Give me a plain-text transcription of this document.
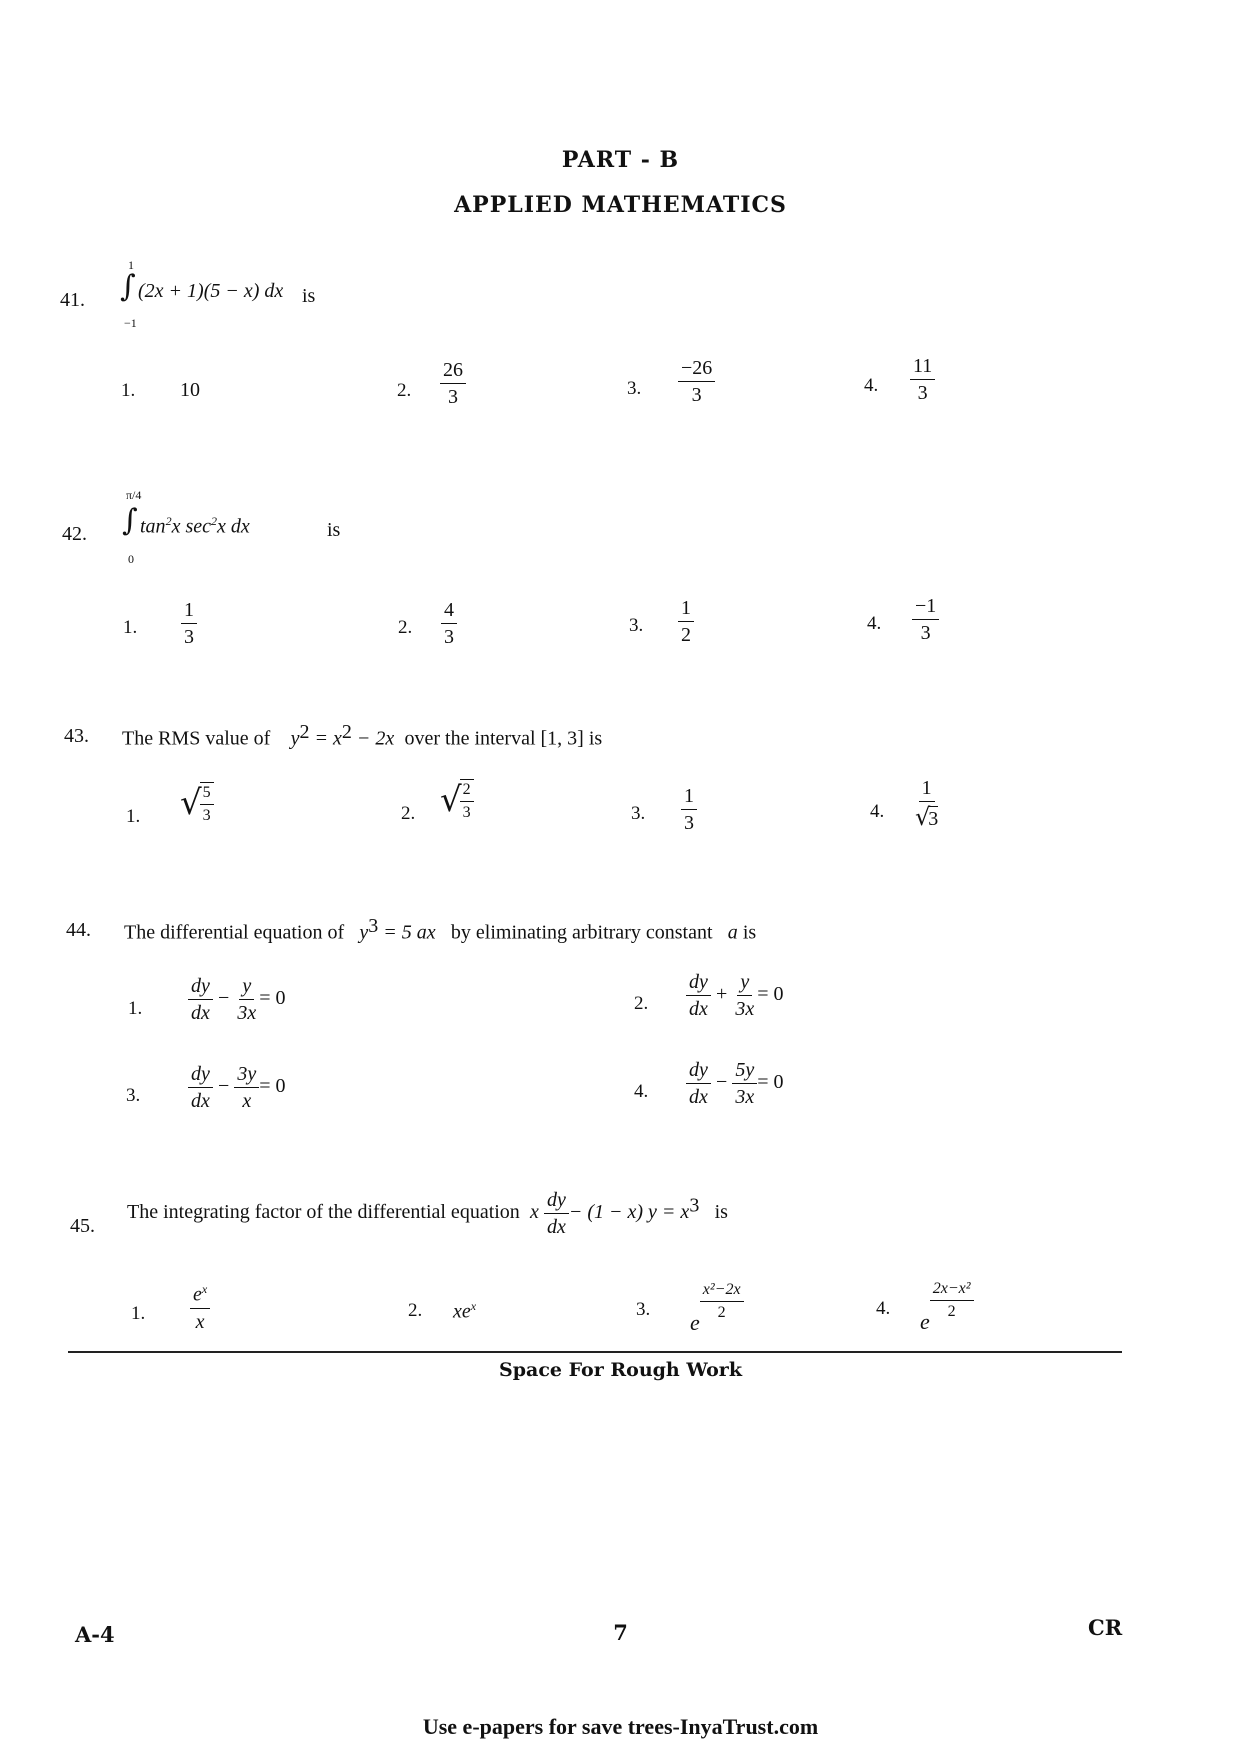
PART - B
APPLIED MATHEMATICS
41.
1
∫
−1
(2x + 1)(5 − x) dx is
1. 10	2. $\frac{26}{3}$	3. $\frac{-26}{3}$	4. $\frac{11}{3}$
42.
π/4
∫
0
$\tan^2x$ $\sec^2x$ dx	is
1. $\frac{1}{3}$	2. $\frac{4}{3}$	3. $\frac{1}{2}$	4. $\frac{-1}{3}$
43. The RMS value of $y^2 = x^2 - 2x$ over the interval [1, 3] is
1. √
$\frac{5}{3}$	2. √
$\frac{2}{3}$	3. $\frac{1}{3}$	4. 1
√
3
44. The differential equation of $y^3 = 5$ ax by eliminating arbitrary constant a is
1. $\frac{dy}{dx} - \frac{y}{3x} = 0$	2. $\frac{dy}{dx} + \frac{y}{3x} = 0$
3. $\frac{dy}{dx} - \frac{3y}{x} = 0$	4. $\frac{dy}{dx} - \frac{5y}{3x} = 0$
45.
The integrating factor of the differential equation x $\frac{dy}{dx} - (1 - x) y = x^3$ is
1. $\frac{e^x}{x}$	2. $xe^x$	3.
e
$\frac{\text{x²−2x}}{2}$	4.
e
$\frac{\text{2x−x²}}{2}$
Space For Rough Work
A-4	7	CR
Use e-papers for save trees-InyaTrust.com
